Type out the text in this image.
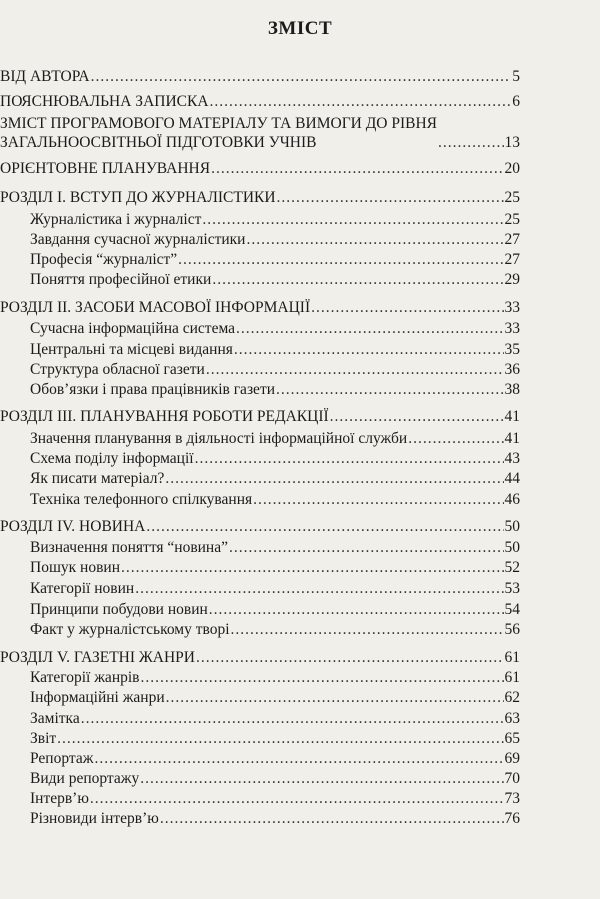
ЗМІСТ
ВІД АВТОРА .....	5
ПОЯСНЮВАЛЬНА ЗАПИСКА .....	6
ЗМІСТ ПРОГРАМОВОГО МАТЕРІАЛУ ТА ВИМОГИ ДО РІВНЯ
ЗАГАЛЬНООСВІТНЬОЇ ПІДГОТОВКИ УЧНІВ .....	13
ОРІЄНТОВНЕ ПЛАНУВАННЯ .....	20
РОЗДІЛ І. ВСТУП ДО ЖУРНАЛІСТИКИ .....	25
Журналістика і журналіст .....	25
Завдання сучасної журналістики .....	27
Професія “журналіст” .....	27
Поняття професійної етики .....	29
РОЗДІЛ ІІ. ЗАСОБИ МАСОВОЇ ІНФОРМАЦІЇ .....	33
Сучасна інформаційна система .....	33
Центральні та місцеві видання .....	35
Структура обласної газети .....	36
Обов’язки і права працівників газети .....	38
РОЗДІЛ ІІІ. ПЛАНУВАННЯ РОБОТИ РЕДАКЦІЇ .....	41
Значення планування в діяльності інформаційної служби .....	41
Схема поділу інформації .....	43
Як писати матеріал? .....	44
Техніка телефонного спілкування .....	46
РОЗДІЛ IV. НОВИНА .....	50
Визначення поняття “новина” .....	50
Пошук новин .....	52
Категорії новин .....	53
Принципи побудови новин .....	54
Факт у журналістському творі .....	56
РОЗДІЛ V. ГАЗЕТНІ ЖАНРИ .....	61
Категорії жанрів .....	61
Інформаційні жанри .....	62
Замітка .....	63
Звіт .....	65
Репортаж .....	69
Види репортажу .....	70
Інтерв’ю .....	73
Різновиди інтерв’ю .....	76
